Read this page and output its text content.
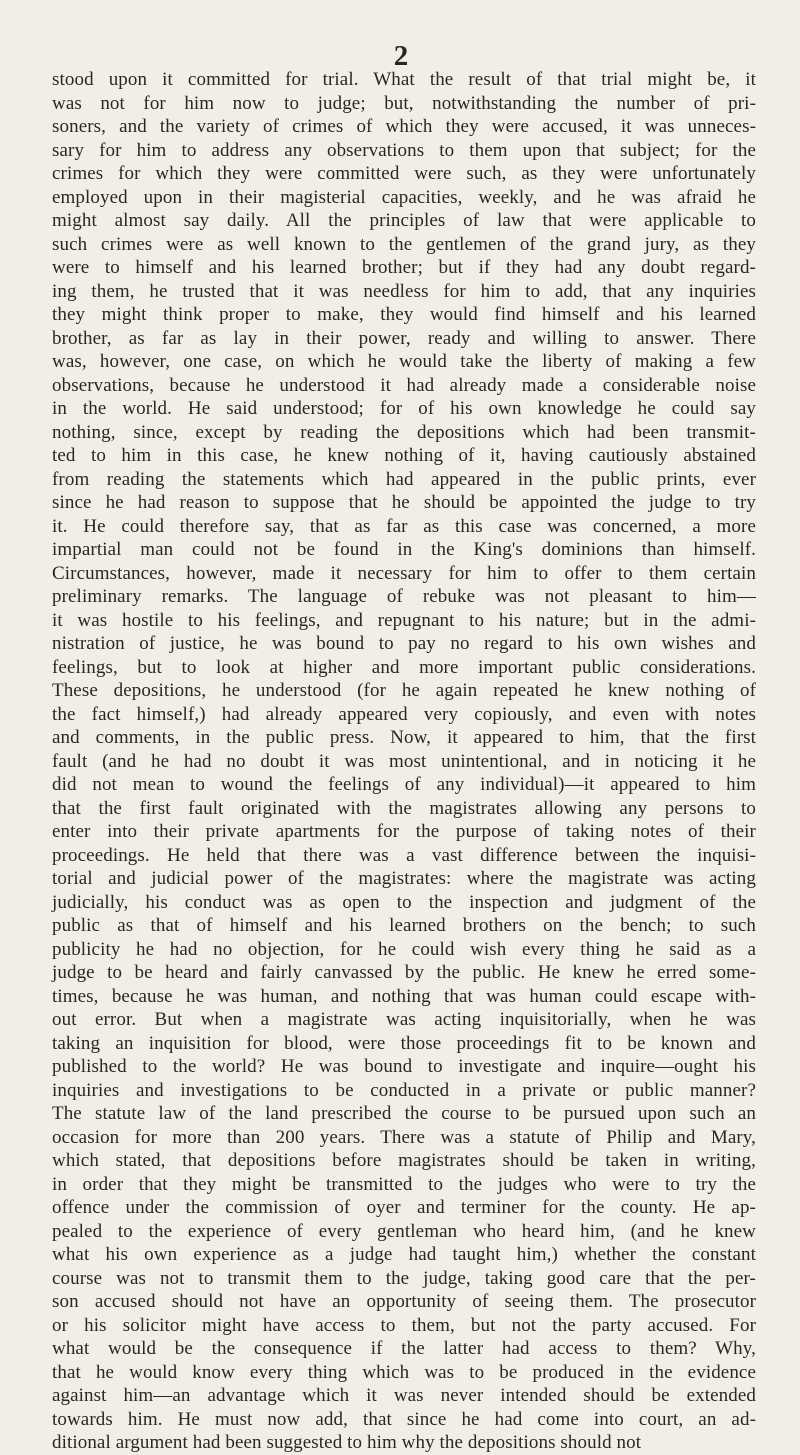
2
stood upon it committed for trial. What the result of that trial might be, it
was not for him now to judge; but, notwithstanding the number of pri-
soners, and the variety of crimes of which they were accused, it was unneces-
sary for him to address any observations to them upon that subject; for the
crimes for which they were committed were such, as they were unfortunately
employed upon in their magisterial capacities, weekly, and he was afraid he
might almost say daily. All the principles of law that were applicable to
such crimes were as well known to the gentlemen of the grand jury, as they
were to himself and his learned brother; but if they had any doubt regard-
ing them, he trusted that it was needless for him to add, that any inquiries
they might think proper to make, they would find himself and his learned
brother, as far as lay in their power, ready and willing to answer. There
was, however, one case, on which he would take the liberty of making a few
observations, because he understood it had already made a considerable noise
in the world. He said understood; for of his own knowledge he could say
nothing, since, except by reading the depositions which had been transmit-
ted to him in this case, he knew nothing of it, having cautiously abstained
from reading the statements which had appeared in the public prints, ever
since he had reason to suppose that he should be appointed the judge to try
it. He could therefore say, that as far as this case was concerned, a more
impartial man could not be found in the King's dominions than himself.
Circumstances, however, made it necessary for him to offer to them certain
preliminary remarks. The language of rebuke was not pleasant to him—
it was hostile to his feelings, and repugnant to his nature; but in the admi-
nistration of justice, he was bound to pay no regard to his own wishes and
feelings, but to look at higher and more important public considerations.
These depositions, he understood (for he again repeated he knew nothing of
the fact himself,) had already appeared very copiously, and even with notes
and comments, in the public press. Now, it appeared to him, that the first
fault (and he had no doubt it was most unintentional, and in noticing it he
did not mean to wound the feelings of any individual)—it appeared to him
that the first fault originated with the magistrates allowing any persons to
enter into their private apartments for the purpose of taking notes of their
proceedings. He held that there was a vast difference between the inquisi-
torial and judicial power of the magistrates: where the magistrate was acting
judicially, his conduct was as open to the inspection and judgment of the
public as that of himself and his learned brothers on the bench; to such
publicity he had no objection, for he could wish every thing he said as a
judge to be heard and fairly canvassed by the public. He knew he erred some-
times, because he was human, and nothing that was human could escape with-
out error. But when a magistrate was acting inquisitorially, when he was
taking an inquisition for blood, were those proceedings fit to be known and
published to the world? He was bound to investigate and inquire—ought his
inquiries and investigations to be conducted in a private or public manner?
The statute law of the land prescribed the course to be pursued upon such an
occasion for more than 200 years. There was a statute of Philip and Mary,
which stated, that depositions before magistrates should be taken in writing,
in order that they might be transmitted to the judges who were to try the
offence under the commission of oyer and terminer for the county. He ap-
pealed to the experience of every gentleman who heard him, (and he knew
what his own experience as a judge had taught him,) whether the constant
course was not to transmit them to the judge, taking good care that the per-
son accused should not have an opportunity of seeing them. The prosecutor
or his solicitor might have access to them, but not the party accused. For
what would be the consequence if the latter had access to them? Why,
that he would know every thing which was to be produced in the evidence
against him—an advantage which it was never intended should be extended
towards him. He must now add, that since he had come into court, an ad-
ditional argument had been suggested to him why the depositions should not
